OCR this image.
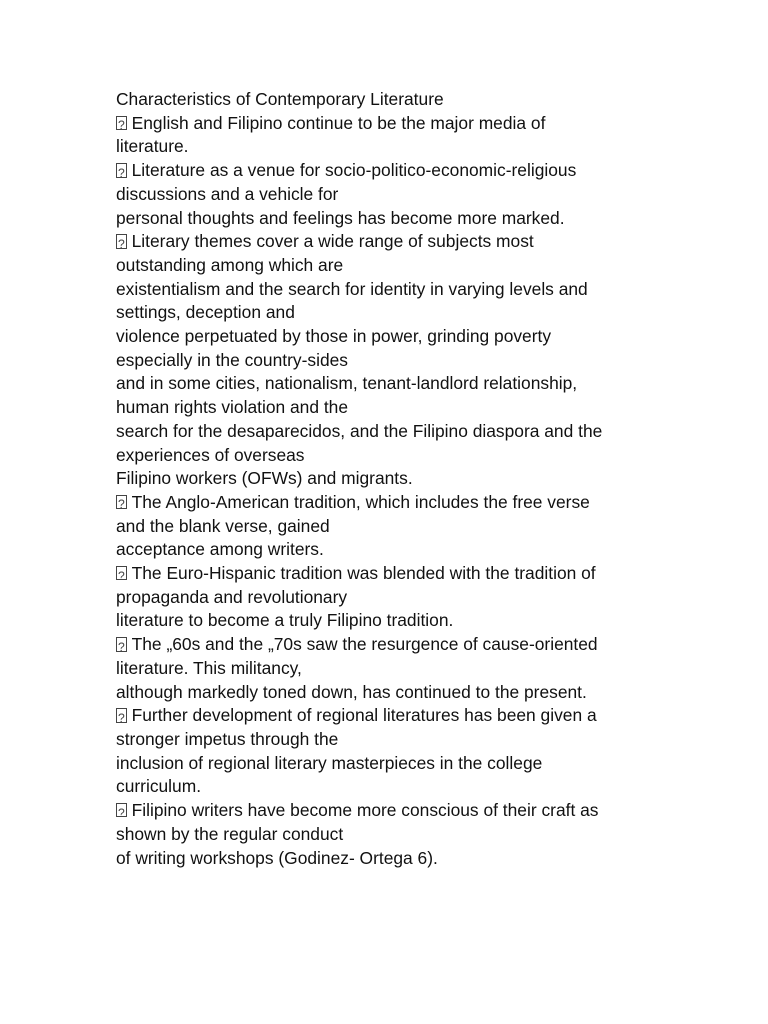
Characteristics of Contemporary Literature
?English and Filipino continue to be the major media of
literature.
?Literature as a venue for socio-politico-economic-religious
discussions and a vehicle for
personal thoughts and feelings has become more marked.
?Literary themes cover a wide range of subjects most
outstanding among which are
existentialism and the search for identity in varying levels and
settings, deception and
violence perpetuated by those in power, grinding poverty
especially in the country-sides
and in some cities, nationalism, tenant-landlord relationship,
human rights violation and the
search for the desaparecidos, and the Filipino diaspora and the
experiences of overseas
Filipino workers (OFWs) and migrants.
?The Anglo-American tradition, which includes the free verse
and the blank verse, gained
acceptance among writers.
?The Euro-Hispanic tradition was blended with the tradition of
propaganda and revolutionary
literature to become a truly Filipino tradition.
?The „60s and the „70s saw the resurgence of cause-oriented
literature. This militancy,
although markedly toned down, has continued to the present.
?Further development of regional literatures has been given a
stronger impetus through the
inclusion of regional literary masterpieces in the college
curriculum.
?Filipino writers have become more conscious of their craft as
shown by the regular conduct
of writing workshops (Godinez- Ortega 6).
